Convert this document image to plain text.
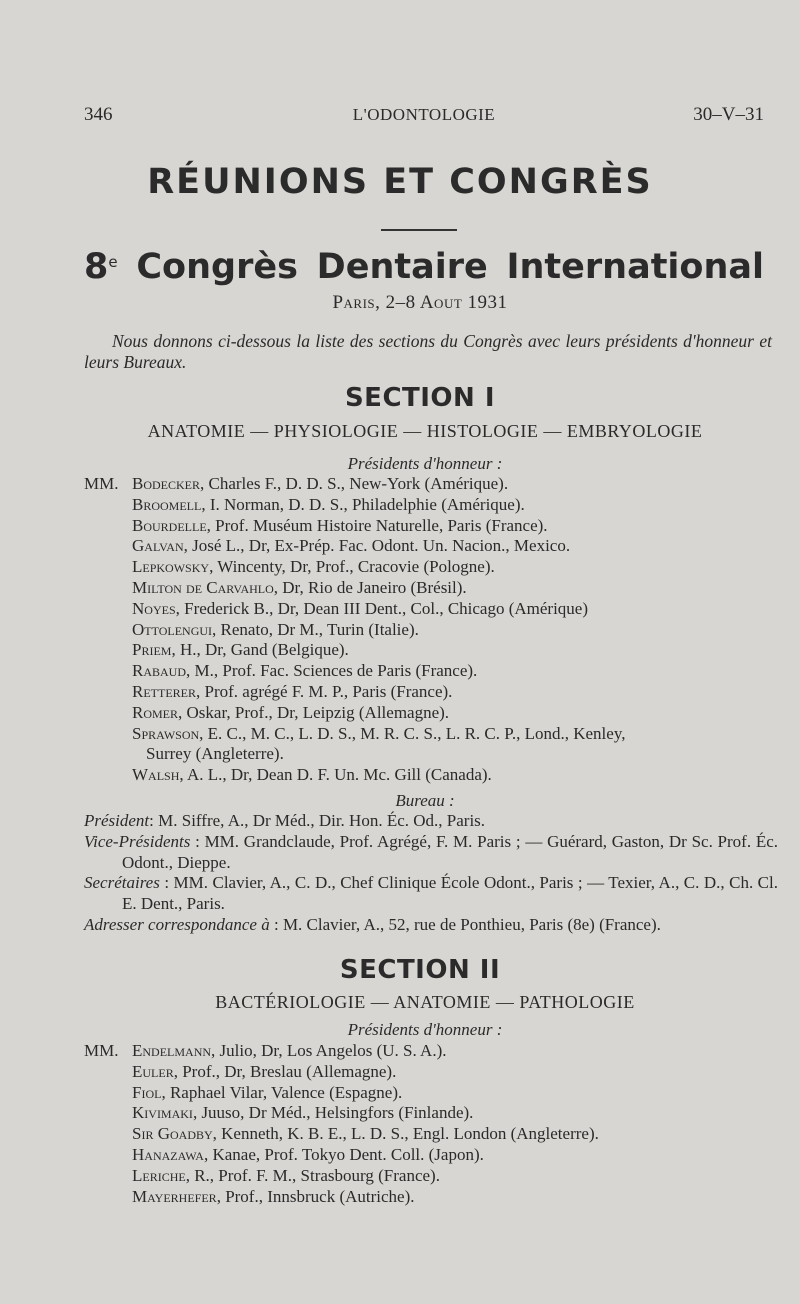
346	L'ODONTOLOGIE	30–V–31
RÉUNIONS ET CONGRÈS
8e Congrès Dentaire International
Paris, 2–8 Aout 1931
Nous donnons ci-dessous la liste des sections du Congrès avec leurs présidents d'honneur et leurs Bureaux.
SECTION I
ANATOMIE — PHYSIOLOGIE — HISTOLOGIE — EMBRYOLOGIE
Présidents d'honneur :
MM. Bodecker, Charles F., D. D. S., New-York (Amérique).
Broomell, I. Norman, D. D. S., Philadelphie (Amérique).
Bourdelle, Prof. Muséum Histoire Naturelle, Paris (France).
Galvan, José L., Dr, Ex-Prép. Fac. Odont. Un. Nacion., Mexico.
Lepkowsky, Wincenty, Dr, Prof., Cracovie (Pologne).
Milton de Carvahlo, Dr, Rio de Janeiro (Brésil).
Noyes, Frederick B., Dr, Dean III Dent., Col., Chicago (Amérique)
Ottolengui, Renato, Dr M., Turin (Italie).
Priem, H., Dr, Gand (Belgique).
Rabaud, M., Prof. Fac. Sciences de Paris (France).
Retterer, Prof. agrégé F. M. P., Paris (France).
Romer, Oskar, Prof., Dr, Leipzig (Allemagne).
Sprawson, E. C., M. C., L. D. S., M. R. C. S., L. R. C. P., Lond., Kenley,
Surrey (Angleterre).
Walsh, A. L., Dr, Dean D. F. Un. Mc. Gill (Canada).
Bureau :
Président: M. Siffre, A., Dr Méd., Dir. Hon. Éc. Od., Paris.
Vice-Présidents : MM. Grandclaude, Prof. Agrégé, F. M. Paris ; — Guérard, Gaston, Dr Sc. Prof. Éc. Odont., Dieppe.
Secrétaires : MM. Clavier, A., C. D., Chef Clinique École Odont., Paris ; — Texier, A., C. D., Ch. Cl. E. Dent., Paris.
Adresser correspondance à : M. Clavier, A., 52, rue de Ponthieu, Paris (8e) (France).
SECTION II
BACTÉRIOLOGIE — ANATOMIE — PATHOLOGIE
Présidents d'honneur :
MM. Endelmann, Julio, Dr, Los Angelos (U. S. A.).
Euler, Prof., Dr, Breslau (Allemagne).
Fiol, Raphael Vilar, Valence (Espagne).
Kivimaki, Juuso, Dr Méd., Helsingfors (Finlande).
Sir Goadby, Kenneth, K. B. E., L. D. S., Engl. London (Angleterre).
Hanazawa, Kanae, Prof. Tokyo Dent. Coll. (Japon).
Leriche, R., Prof. F. M., Strasbourg (France).
Mayerhefer, Prof., Innsbruck (Autriche).
